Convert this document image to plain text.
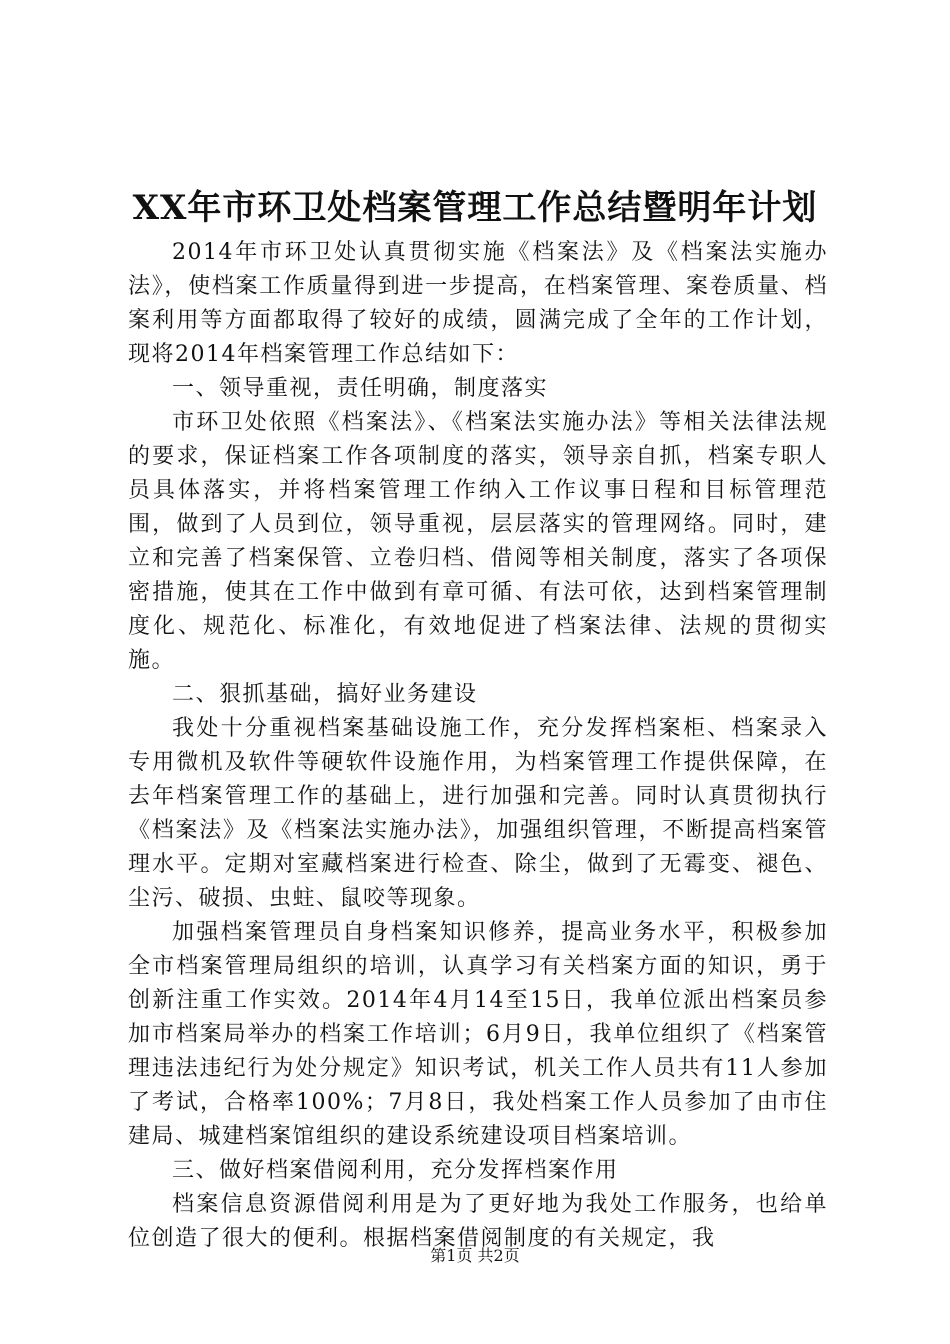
XX年市环卫处档案管理工作总结暨明年计划

2014年市环卫处认真贯彻实施《档案法》及《档案法实施办法》，使档案工作质量得到进一步提高，在档案管理、案卷质量、档案利用等方面都取得了较好的成绩，圆满完成了全年的工作计划，现将2014年档案管理工作总结如下：

一、领导重视，责任明确，制度落实

市环卫处依照《档案法》、《档案法实施办法》等相关法律法规的要求，保证档案工作各项制度的落实，领导亲自抓，档案专职人员具体落实，并将档案管理工作纳入工作议事日程和目标管理范围，做到了人员到位，领导重视，层层落实的管理网络。同时，建立和完善了档案保管、立卷归档、借阅等相关制度，落实了各项保密措施，使其在工作中做到有章可循、有法可依，达到档案管理制度化、规范化、标准化，有效地促进了档案法律、法规的贯彻实施。

二、狠抓基础，搞好业务建设

我处十分重视档案基础设施工作，充分发挥档案柜、档案录入专用微机及软件等硬软件设施作用，为档案管理工作提供保障，在去年档案管理工作的基础上，进行加强和完善。同时认真贯彻执行《档案法》及《档案法实施办法》，加强组织管理，不断提高档案管理水平。定期对室藏档案进行检查、除尘，做到了无霉变、褪色、尘污、破损、虫蛀、鼠咬等现象。

加强档案管理员自身档案知识修养，提高业务水平，积极参加全市档案管理局组织的培训，认真学习有关档案方面的知识，勇于创新注重工作实效。2014年4月14至15日，我单位派出档案员参加市档案局举办的档案工作培训；6月9日，我单位组织了《档案管理违法违纪行为处分规定》知识考试，机关工作人员共有11人参加了考试，合格率100%；7月8日，我处档案工作人员参加了由市住建局、城建档案馆组织的建设系统建设项目档案培训。

三、做好档案借阅利用，充分发挥档案作用

档案信息资源借阅利用是为了更好地为我处工作服务，也给单位创造了很大的便利。根据档案借阅制度的有关规定，我

第1页 共2页
